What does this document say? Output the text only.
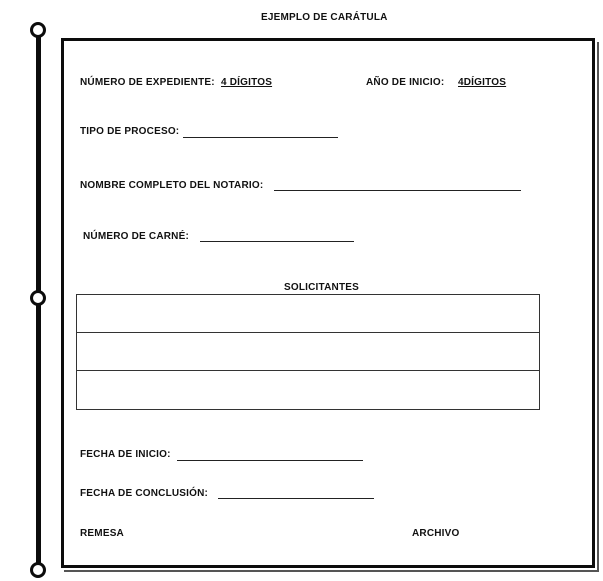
EJEMPLO DE CARÁTULA
NÚMERO DE EXPEDIENTE: 4 DÍGITOS	AÑO DE INICIO: 4DÍGITOS
TIPO DE PROCESO:
NOMBRE COMPLETO DEL NOTARIO:
NÚMERO DE CARNÉ:
SOLICITANTES
FECHA DE INICIO:
FECHA DE CONCLUSIÓN:
REMESA	ARCHIVO
